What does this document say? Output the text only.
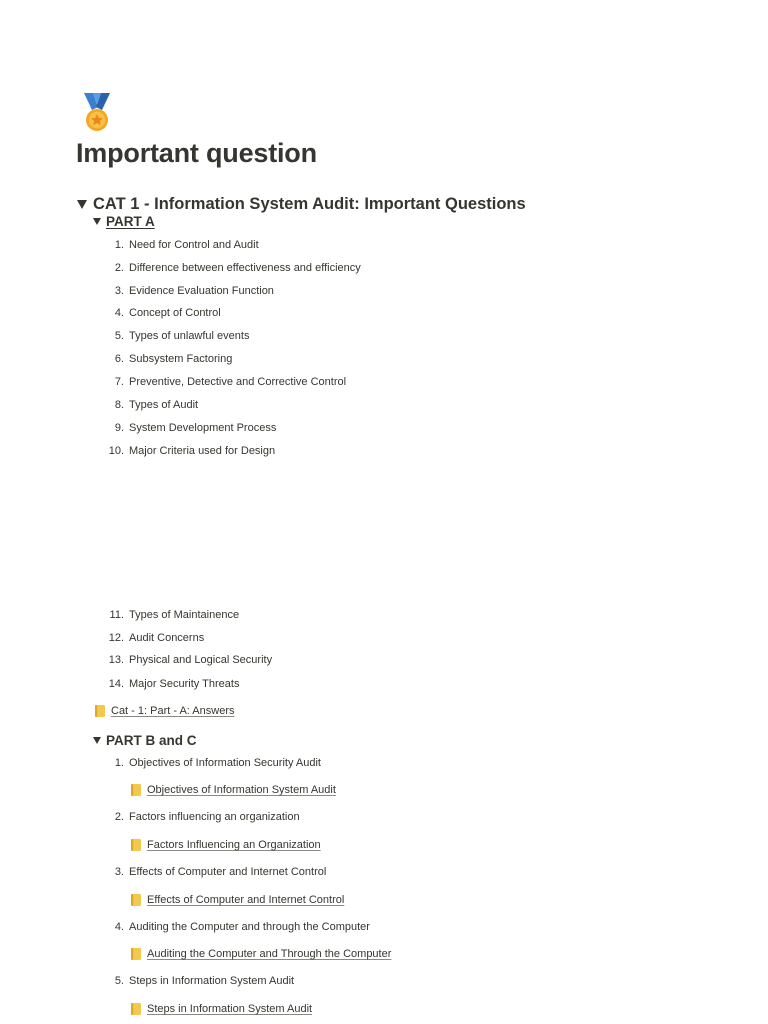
Important question
CAT 1 - Information System Audit: Important Questions
PART A
1. Need for Control and Audit
2. Difference between effectiveness and efficiency
3. Evidence Evaluation Function
4. Concept of Control
5. Types of unlawful events
6. Subsystem Factoring
7. Preventive, Detective and Corrective Control
8. Types of Audit
9. System Development Process
10. Major Criteria used for Design
11. Types of Maintainence
12. Audit Concerns
13. Physical and Logical Security
14. Major Security Threats
Cat - 1: Part - A: Answers
PART B and C
1. Objectives of Information Security Audit
Objectives of Information System Audit
2. Factors influencing an organization
Factors Influencing an Organization
3. Effects of Computer and Internet Control
Effects of Computer and Internet Control
4. Auditing the Computer and through the Computer
Auditing the Computer and Through the Computer
5. Steps in Information System Audit
Steps in Information System Audit
